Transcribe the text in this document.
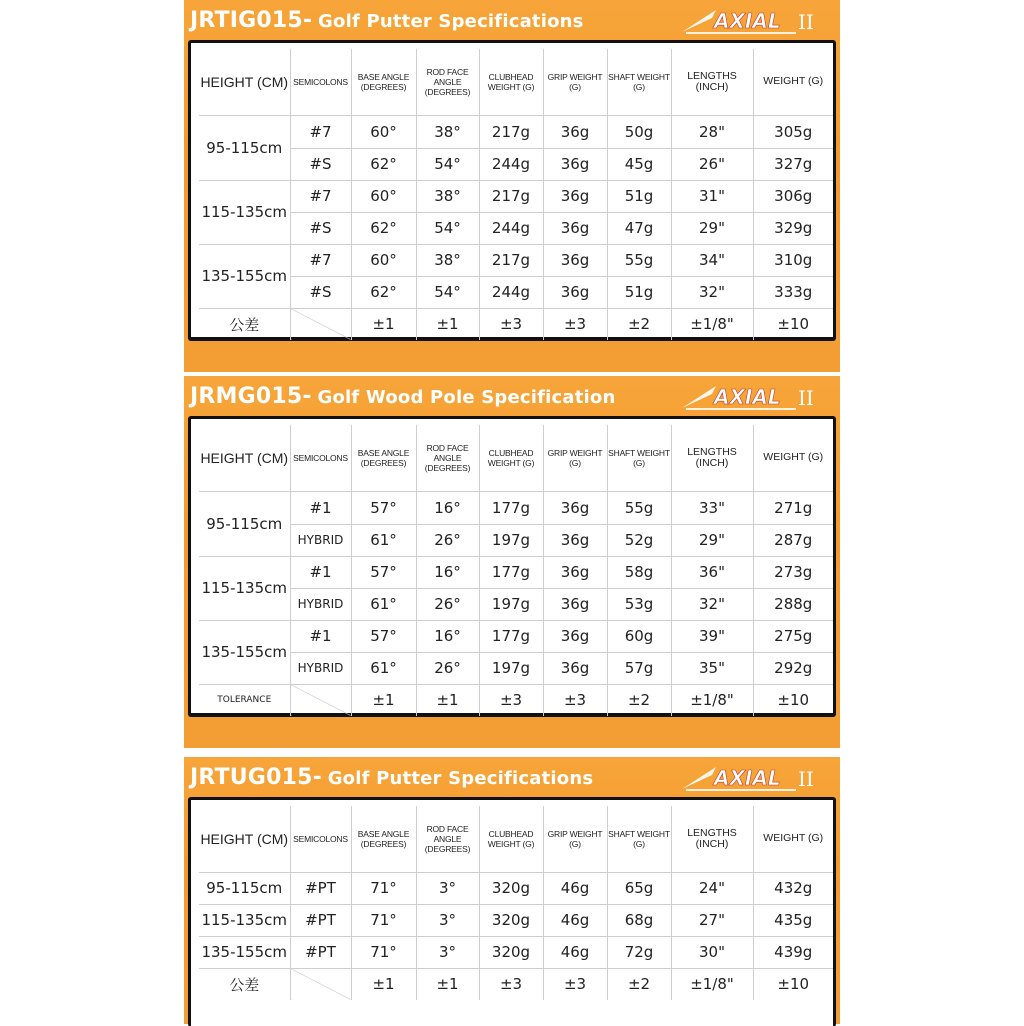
JRTIG015- Golf Putter Specifications	AXIAL II
HEIGHT (CM)	SEMICOLONS	BASE ANGLE (DEGREES)	ROD FACE ANGLE (DEGREES)	CLUBHEAD WEIGHT (G)	GRIP WEIGHT (G)	SHAFT WEIGHT (G)	LENGTHS (INCH)	WEIGHT (G)
95-115cm	#7	60°	38°	217g	36g	50g	28"	305g
	#S	62°	54°	244g	36g	45g	26"	327g
115-135cm	#7	60°	38°	217g	36g	51g	31"	306g
	#S	62°	54°	244g	36g	47g	29"	329g
135-155cm	#7	60°	38°	217g	36g	55g	34"	310g
	#S	62°	54°	244g	36g	51g	32"	333g
公差		±1	±1	±3	±3	±2	±1/8"	±10
JRMG015- Golf Wood Pole Specification	AXIAL II
HEIGHT (CM)	SEMICOLONS	BASE ANGLE (DEGREES)	ROD FACE ANGLE (DEGREES)	CLUBHEAD WEIGHT (G)	GRIP WEIGHT (G)	SHAFT WEIGHT (G)	LENGTHS (INCH)	WEIGHT (G)
95-115cm	#1	57°	16°	177g	36g	55g	33"	271g
	HYBRID	61°	26°	197g	36g	52g	29"	287g
115-135cm	#1	57°	16°	177g	36g	58g	36"	273g
	HYBRID	61°	26°	197g	36g	53g	32"	288g
135-155cm	#1	57°	16°	177g	36g	60g	39"	275g
	HYBRID	61°	26°	197g	36g	57g	35"	292g
TOLERANCE		±1	±1	±3	±3	±2	±1/8"	±10
JRTUG015- Golf Putter Specifications	AXIAL II
HEIGHT (CM)	SEMICOLONS	BASE ANGLE (DEGREES)	ROD FACE ANGLE (DEGREES)	CLUBHEAD WEIGHT (G)	GRIP WEIGHT (G)	SHAFT WEIGHT (G)	LENGTHS (INCH)	WEIGHT (G)
95-115cm	#PT	71°	3°	320g	46g	65g	24"	432g
115-135cm	#PT	71°	3°	320g	46g	68g	27"	435g
135-155cm	#PT	71°	3°	320g	46g	72g	30"	439g
公差		±1	±1	±3	±3	±2	±1/8"	±10
